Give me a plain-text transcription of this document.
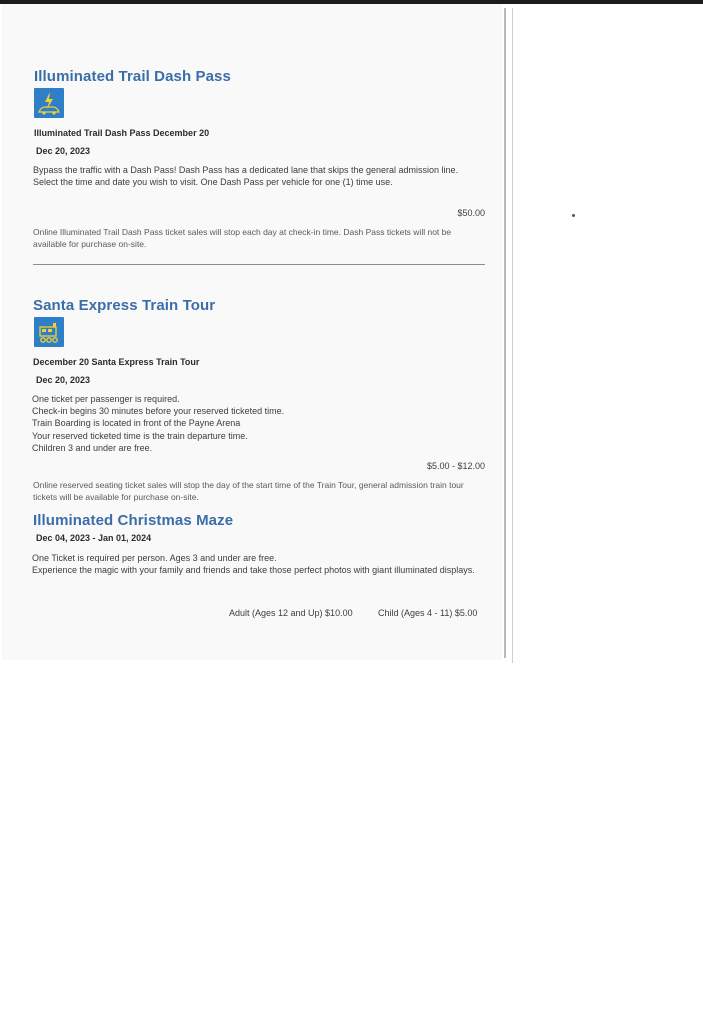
Illuminated Trail Dash Pass
Illuminated Trail Dash Pass December 20
Dec 20, 2023
Bypass the traffic with a Dash Pass! Dash Pass has a dedicated lane that skips the general admission line. Select the time and date you wish to visit. One Dash Pass per vehicle for one (1) time use.
$50.00
Online Illuminated Trail Dash Pass ticket sales will stop each day at check-in time. Dash Pass tickets will not be available for purchase on-site.
Santa Express Train Tour
December 20 Santa Express Train Tour
Dec 20, 2023
One ticket per passenger is required.
Check-in begins 30 minutes before your reserved ticketed time.
Train Boarding is located in front of the Payne Arena
Your reserved ticketed time is the train departure time.
Children 3 and under are free.
$5.00 - $12.00
Online reserved seating ticket sales will stop the day of the start time of the Train Tour, general admission train tour tickets will be available for purchase on-site.
Illuminated Christmas Maze
Dec 04, 2023 - Jan 01, 2024
One Ticket is required per person. Ages 3 and under are free.
Experience the magic with your family and friends and take those perfect photos with giant illuminated displays.
Adult (Ages 12 and Up) $10.00	Child (Ages 4 - 11) $5.00
